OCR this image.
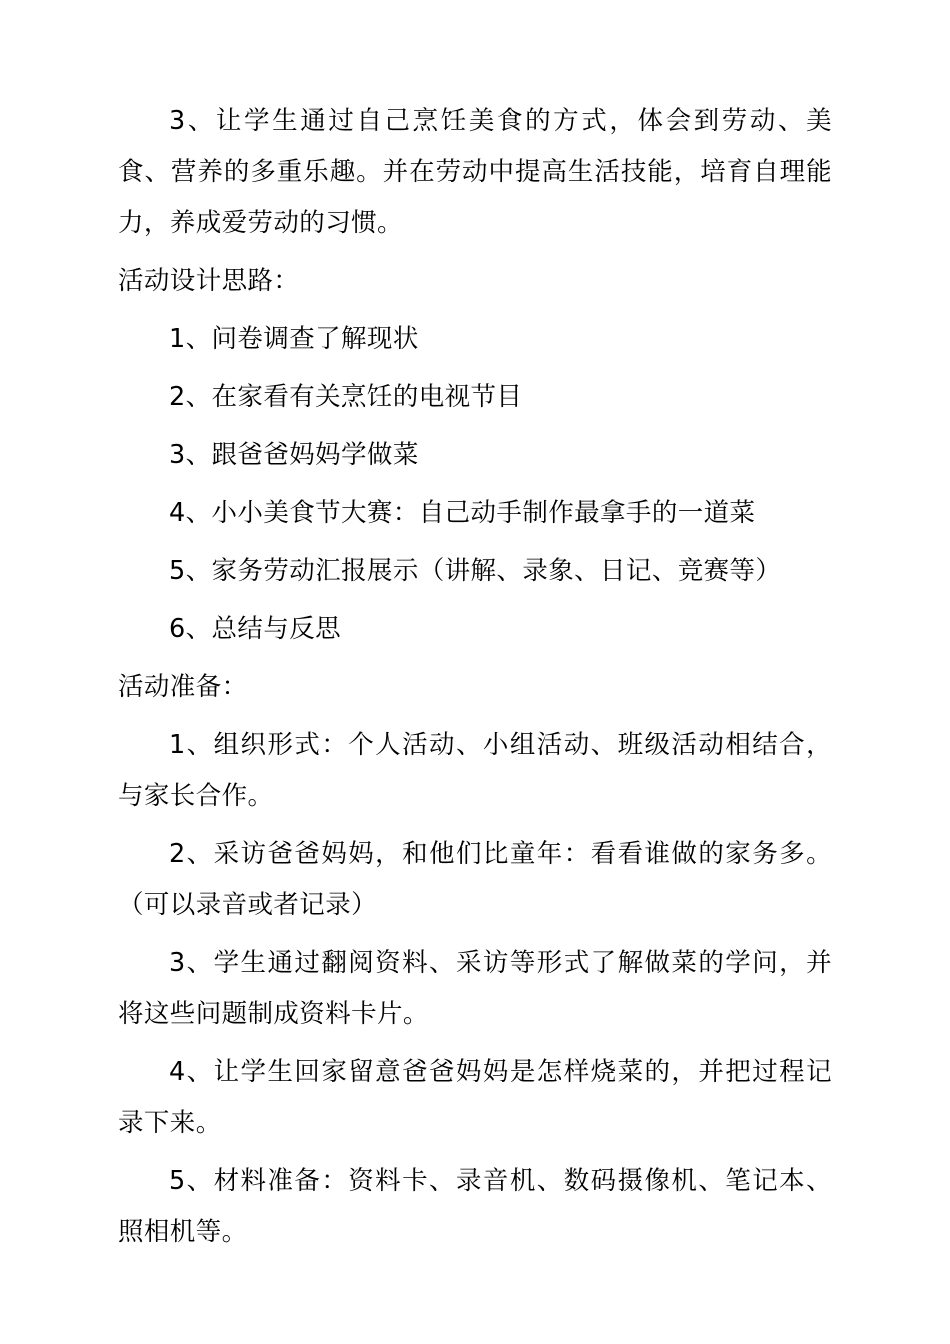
3、让学生通过自己烹饪美食的方式，体会到劳动、美食、营养的多重乐趣。并在劳动中提高生活技能，培育自理能力，养成爱劳动的习惯。

活动设计思路：

1、问卷调查了解现状

2、在家看有关烹饪的电视节目

3、跟爸爸妈妈学做菜

4、小小美食节大赛：自己动手制作最拿手的一道菜

5、家务劳动汇报展示（讲解、录象、日记、竞赛等）

6、总结与反思

活动准备：

1、组织形式：个人活动、小组活动、班级活动相结合，与家长合作。

2、采访爸爸妈妈，和他们比童年：看看谁做的家务多。（可以录音或者记录）

3、学生通过翻阅资料、采访等形式了解做菜的学问，并将这些问题制成资料卡片。

4、让学生回家留意爸爸妈妈是怎样烧菜的，并把过程记录下来。

5、材料准备：资料卡、录音机、数码摄像机、笔记本、照相机等。
